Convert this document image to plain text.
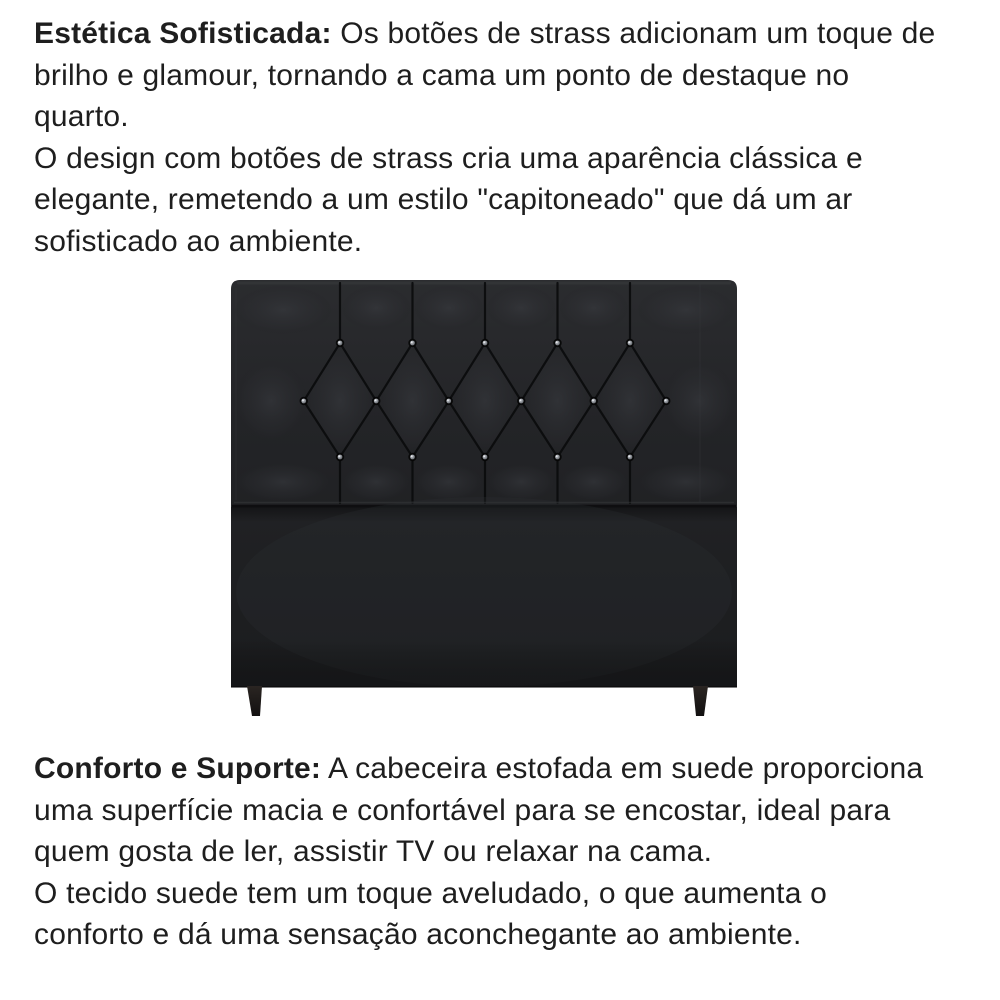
Estética Sofisticada: Os botões de strass adicionam um toque de
brilho e glamour, tornando a cama um ponto de destaque no
quarto.
O design com botões de strass cria uma aparência clássica e
elegante, remetendo a um estilo "capitoneado" que dá um ar
sofisticado ao ambiente.
Conforto e Suporte: A cabeceira estofada em suede proporciona
uma superfície macia e confortável para se encostar, ideal para
quem gosta de ler, assistir TV ou relaxar na cama.
O tecido suede tem um toque aveludado, o que aumenta o
conforto e dá uma sensação aconchegante ao ambiente.
